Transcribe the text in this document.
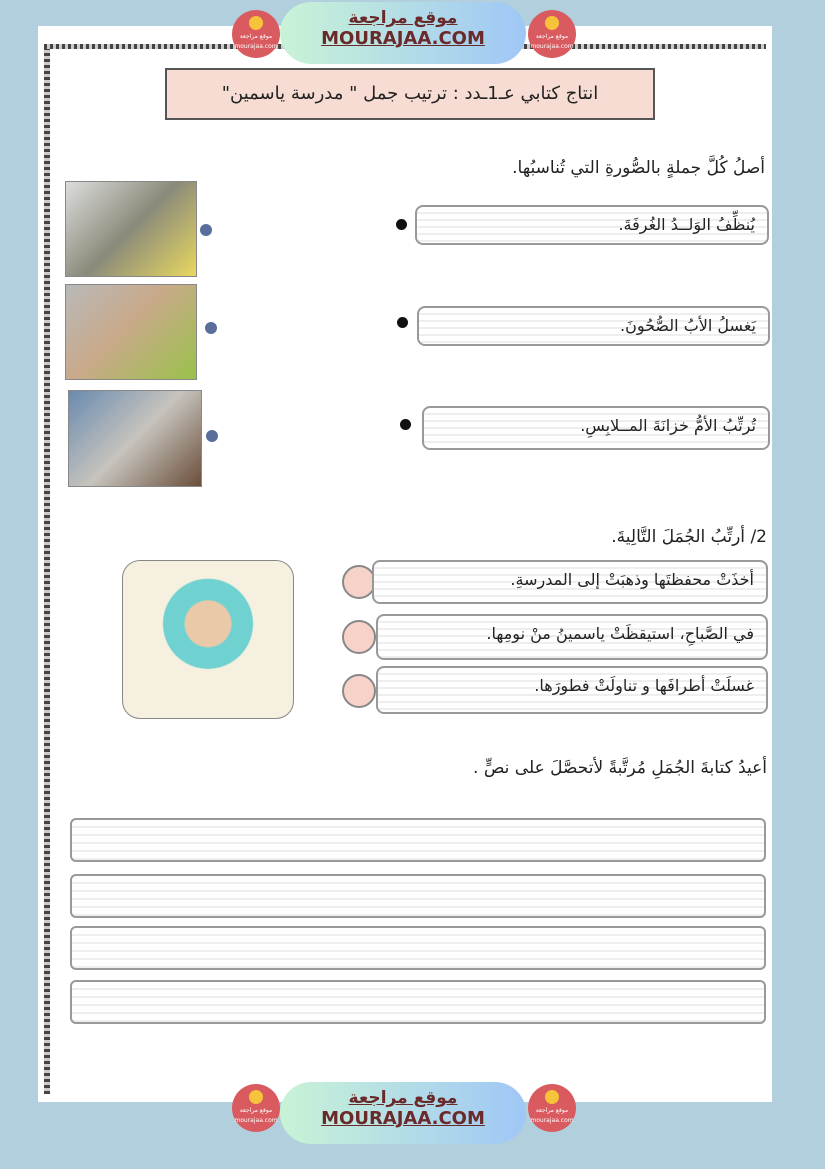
موقع مراجعة mourajaa.com
موقع مراجعة
MOURAJAA.COM	موقع مراجعة mourajaa.com
انتاج كتابي عـ1ـدد : ترتيب جمل " مدرسة ياسمين"
أصلُ كُلَّ جملةٍ بالصُّورةِ التي تُناسبُها.
يُنظِّفُ الوَلــدُ الغُرفَةَ.
يَغسلُ الأبُ الصُّحُونَ.
تُرتِّبُ الأمُّ خزانَةَ المــلابِسِ.
2/ أرتِّبُ الجُمَلَ التَّالِيةَ.
أخذَتْ محفظتَها وذهبَتْ إلى المدرسةِ.
في الصَّباحِ، استيقظَتْ ياسمينُ منْ نومِها.
غسلَتْ أطرافَها و تناولَتْ فطورَها.
أعيدُ كتابةَ الجُمَلِ مُرتَّبةً لأتحصَّلَ على نصٍّ .
موقع مراجعة mourajaa.com
موقع مراجعة
MOURAJAA.COM	موقع مراجعة mourajaa.com
